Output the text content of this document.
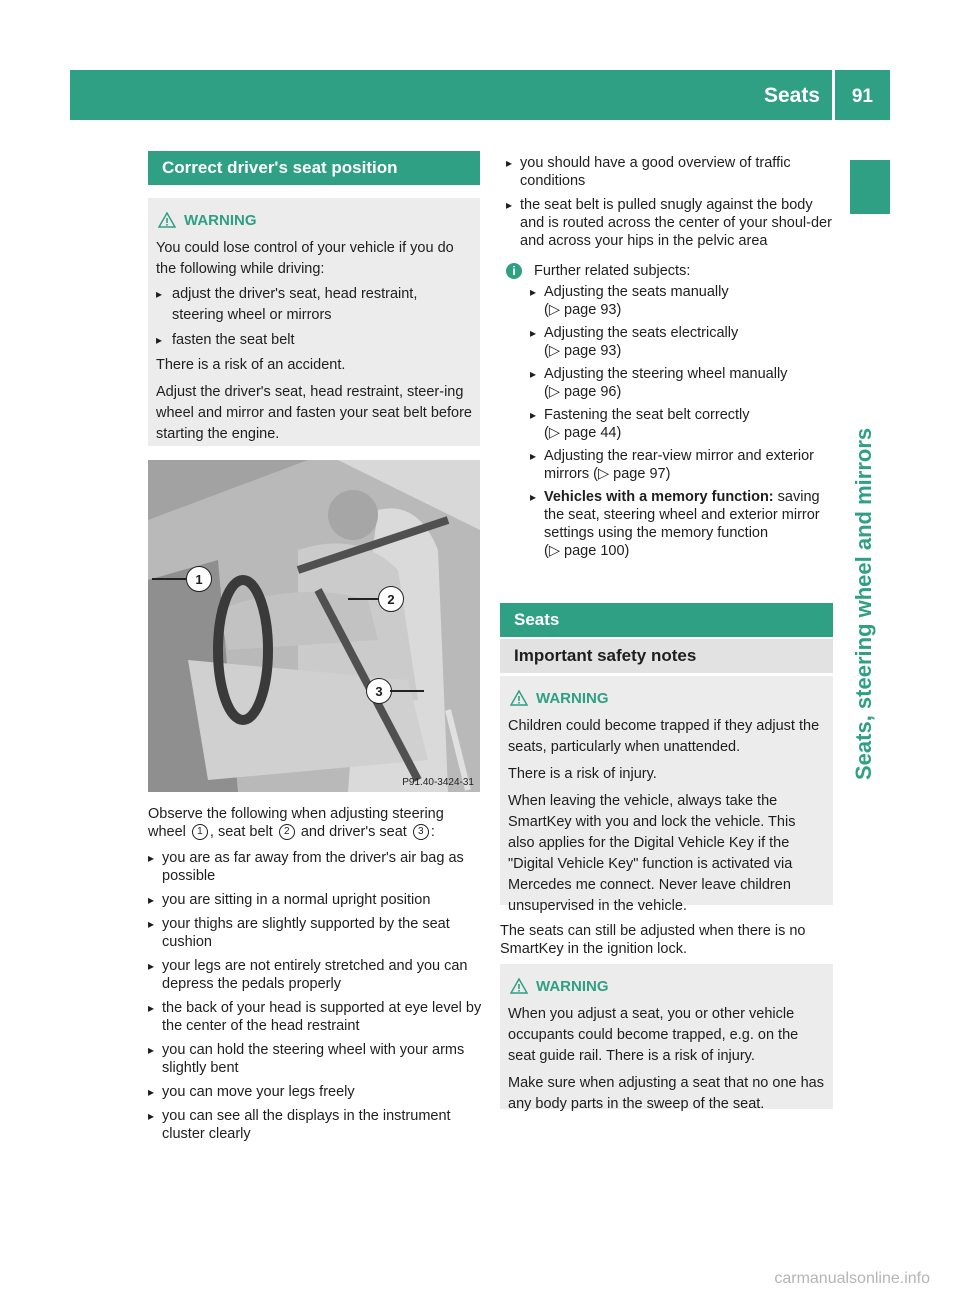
Seats 91
Seats, steering wheel and mirrors
Correct driver's seat position
WARNING

You could lose control of your vehicle if you do the following while driving:

▸ adjust the driver's seat, head restraint, steering wheel or mirrors
▸ fasten the seat belt

There is a risk of an accident.

Adjust the driver's seat, head restraint, steer-ing wheel and mirror and fasten your seat belt before starting the engine.

1
2
3
P91.40-3424-31
Observe the following when adjusting steering wheel 1 , seat belt 2 and driver's seat 3 :
▸ you are as far away from the driver's air bag as possible
▸ you are sitting in a normal upright position
▸ your thighs are slightly supported by the seat cushion
▸ your legs are not entirely stretched and you can depress the pedals properly
▸ the back of your head is supported at eye level by the center of the head restraint
▸ you can hold the steering wheel with your arms slightly bent
▸ you can move your legs freely
▸ you can see all the displays in the instrument cluster clearly
▸ you should have a good overview of traffic conditions
▸ the seat belt is pulled snugly against the body and is routed across the center of your shoul-der and across your hips in the pelvic area
i	Further related subjects:
▸ Adjusting the seats manually
(▷ page 93)
▸ Adjusting the seats electrically
(▷ page 93)
▸ Adjusting the steering wheel manually
(▷ page 96)
▸ Fastening the seat belt correctly
(▷ page 44)
▸ Adjusting the rear-view mirror and exterior mirrors (▷ page 97)
▸ Vehicles with a memory function: saving the seat, steering wheel and exterior mirror settings using the memory function
(▷ page 100)
Seats
Important safety notes
WARNING

Children could become trapped if they adjust the seats, particularly when unattended.

There is a risk of injury.

When leaving the vehicle, always take the SmartKey with you and lock the vehicle. This also applies for the Digital Vehicle Key if the "Digital Vehicle Key" function is activated via Mercedes me connect. Never leave children unsupervised in the vehicle.

The seats can still be adjusted when there is no SmartKey in the ignition lock.
WARNING

When you adjust a seat, you or other vehicle occupants could become trapped, e.g. on the seat guide rail. There is a risk of injury.

Make sure when adjusting a seat that no one has any body parts in the sweep of the seat.

carmanualsonline.info
